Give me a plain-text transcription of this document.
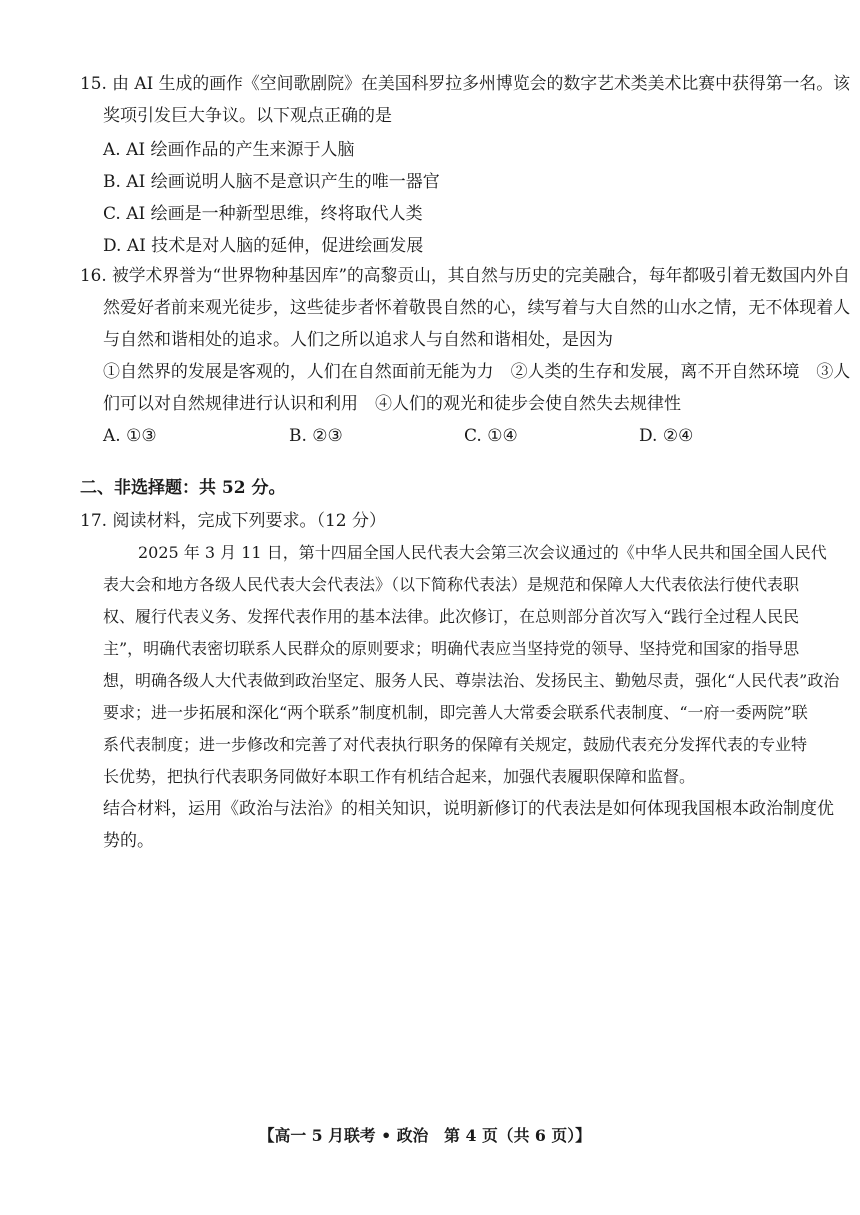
15. 由 AI 生成的画作《空间歌剧院》在美国科罗拉多州博览会的数字艺术类美术比赛中获得第一名。该
奖项引发巨大争议。以下观点正确的是
A. AI 绘画作品的产生来源于人脑
B. AI 绘画说明人脑不是意识产生的唯一器官
C. AI 绘画是一种新型思维，终将取代人类
D. AI 技术是对人脑的延伸，促进绘画发展
16. 被学术界誉为“世界物种基因库”的高黎贡山，其自然与历史的完美融合，每年都吸引着无数国内外自
然爱好者前来观光徒步，这些徒步者怀着敬畏自然的心，续写着与大自然的山水之情，无不体现着人
与自然和谐相处的追求。人们之所以追求人与自然和谐相处，是因为
①自然界的发展是客观的，人们在自然面前无能为力　②人类的生存和发展，离不开自然环境　③人
们可以对自然规律进行认识和利用　④人们的观光和徒步会使自然失去规律性
A. ①③	B. ②③	C. ①④	D. ②④
二、非选择题：共 52 分。
17. 阅读材料，完成下列要求。（12 分）
2025 年 3 月 11 日，第十四届全国人民代表大会第三次会议通过的《中华人民共和国全国人民代
表大会和地方各级人民代表大会代表法》（以下简称代表法）是规范和保障人大代表依法行使代表职
权、履行代表义务、发挥代表作用的基本法律。此次修订，在总则部分首次写入“践行全过程人民民
主”，明确代表密切联系人民群众的原则要求；明确代表应当坚持党的领导、坚持党和国家的指导思
想，明确各级人大代表做到政治坚定、服务人民、尊崇法治、发扬民主、勤勉尽责，强化“人民代表”政治
要求；进一步拓展和深化“两个联系”制度机制，即完善人大常委会联系代表制度、“一府一委两院”联
系代表制度；进一步修改和完善了对代表执行职务的保障有关规定，鼓励代表充分发挥代表的专业特
长优势，把执行代表职务同做好本职工作有机结合起来，加强代表履职保障和监督。
结合材料，运用《政治与法治》的相关知识，说明新修订的代表法是如何体现我国根本政治制度优
势的。
【高一 5 月联考 • 政治　第 4 页（共 6 页）】
